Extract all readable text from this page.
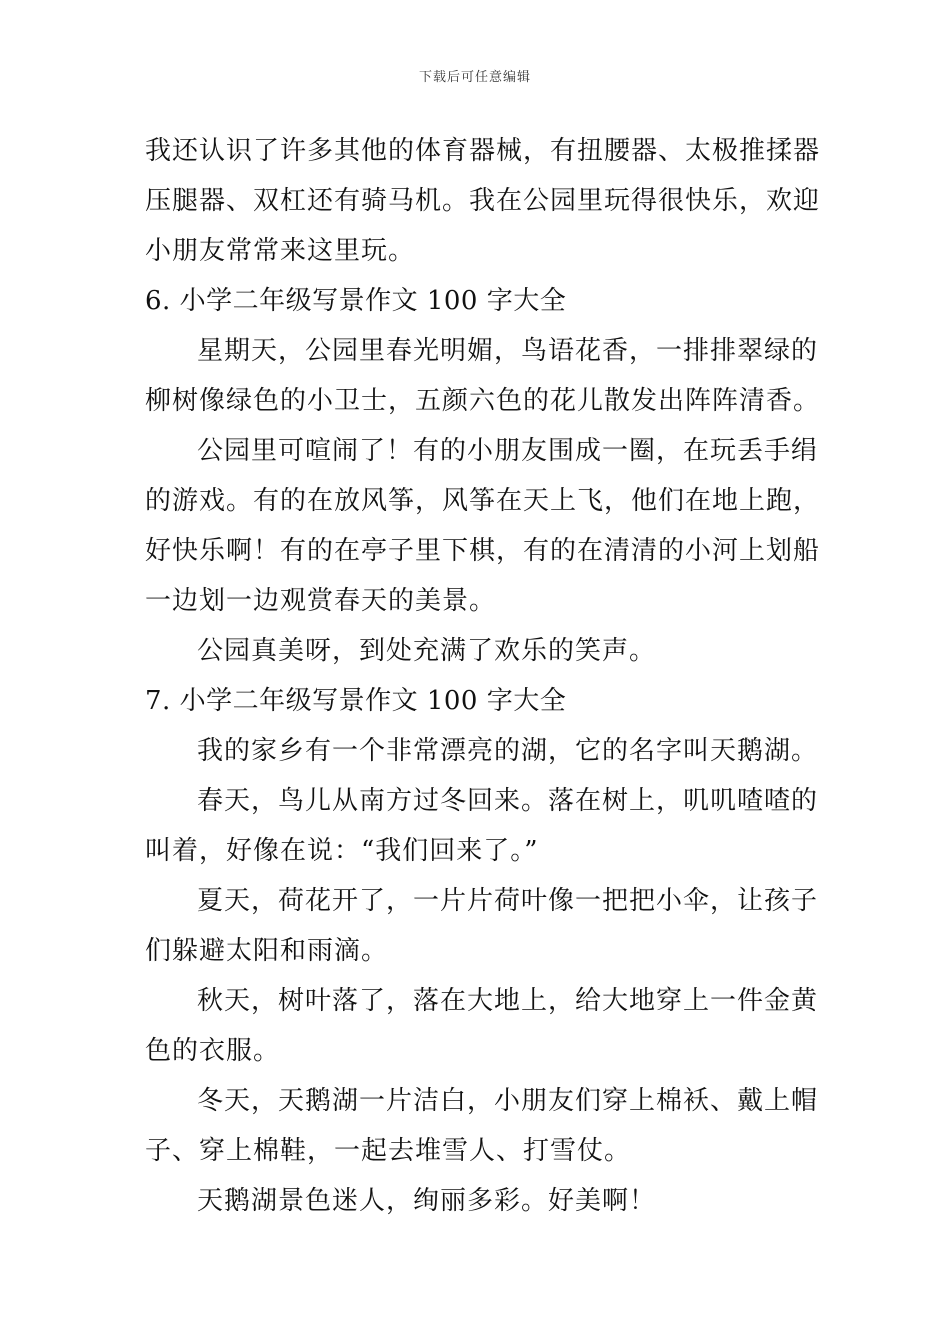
下载后可任意编辑
我还认识了许多其他的体育器械，有扭腰器、太极推揉器
压腿器、双杠还有骑马机。我在公园里玩得很快乐，欢迎
小朋友常常来这里玩。
6. 小学二年级写景作文 100 字大全
星期天，公园里春光明媚，鸟语花香，一排排翠绿的
柳树像绿色的小卫士，五颜六色的花儿散发出阵阵清香。
公园里可喧闹了！有的小朋友围成一圈，在玩丢手绢
的游戏。有的在放风筝，风筝在天上飞，他们在地上跑，
好快乐啊！有的在亭子里下棋，有的在清清的小河上划船
一边划一边观赏春天的美景。
公园真美呀，到处充满了欢乐的笑声。
7. 小学二年级写景作文 100 字大全
我的家乡有一个非常漂亮的湖，它的名字叫天鹅湖。
春天，鸟儿从南方过冬回来。落在树上，叽叽喳喳的
叫着，好像在说：“我们回来了。”
夏天，荷花开了，一片片荷叶像一把把小伞，让孩子
们躲避太阳和雨滴。
秋天，树叶落了，落在大地上，给大地穿上一件金黄
色的衣服。
冬天，天鹅湖一片洁白，小朋友们穿上棉袄、戴上帽
子、穿上棉鞋，一起去堆雪人、打雪仗。
天鹅湖景色迷人，绚丽多彩。好美啊！
